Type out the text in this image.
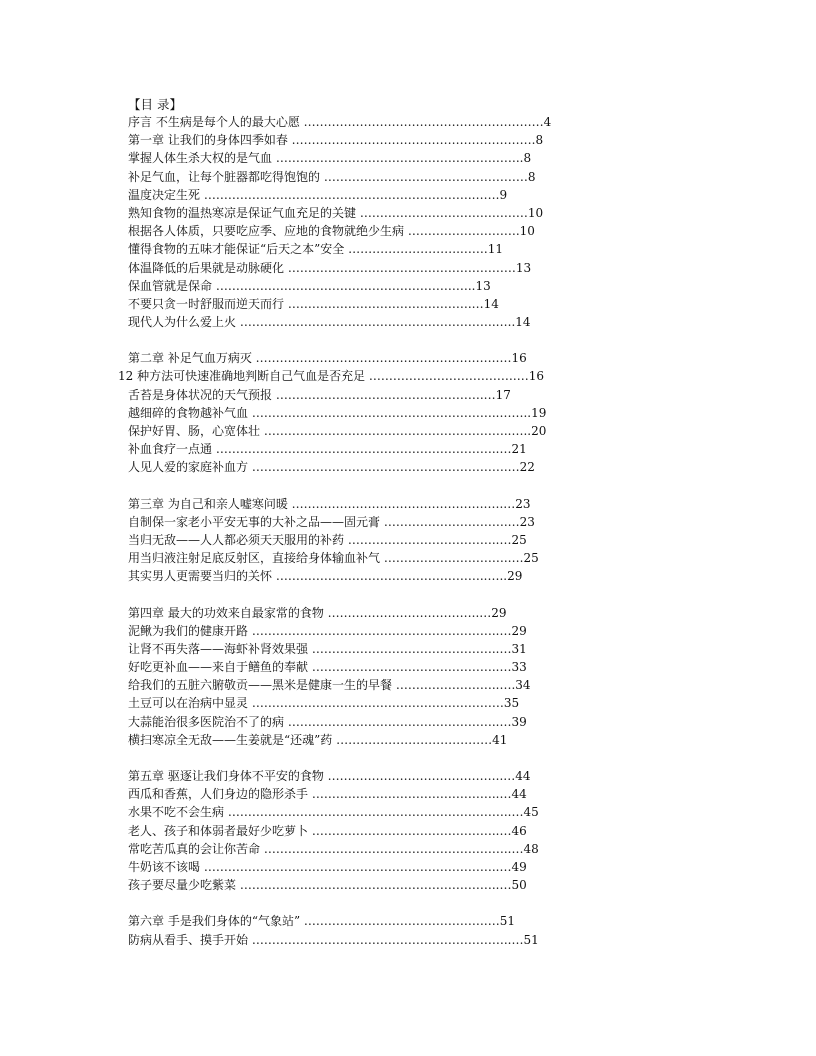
【目 录】
序言 不生病是每个人的最大心愿 ……………………………………………………4
第一章 让我们的身体四季如春 …………………………………………………….8
掌握人体生杀大权的是气血 ……………………………………………………..8
补足气血，让每个脏器都吃得饱饱的 ……………………………………………8
温度决定生死 ………………………………………………………….…….9
熟知食物的温热寒凉是保证气血充足的关键 ……………………………………10
根据各人体质，只要吃应季、应地的食物就绝少生病 ……………………….10
懂得食物的五味才能保证“后天之本”安全 ……………………….…….11
体温降低的后果就是动脉硬化 …………………………………………………13
保血管就是保命 ………………………………………………………..13
不要只贪一时舒服而逆天而行 ……………………………………….…14
现代人为什么爱上火 ……………………………………………………….…..14
第二章 补足气血万病灭 …………………………………………………….…16
12 种方法可快速准确地判断自己气血是否充足 ……………………………….…16
舌苔是身体状况的天气预报 …………………………………………….…17
越细碎的食物越补气血 ……………………………………………………..……..19
保护好胃、肠，心宽体壮 ……………………………………………………..…..20
补血食疗一点通 ……………………………………………………………..…21
人见人爱的家庭补血方 ……………………………………………………….…22
第三章 为自己和亲人嘘寒问暖 ………………………………………….….…23
自制保一家老小平安无事的大补之品——固元膏 ………………………….…23
当归无敌——人人都必须天天服用的补药 ………………………………..…25
用当归液注射足底反射区，直接给身体输血补气 ………………………….….25
其实男人更需要当归的关怀 ……………………………………………..…..29
第四章 最大的功效来自最家常的食物 ………………………………..…29
泥鳅为我们的健康开路 ……………………………………………………..…29
让肾不再失落——海虾补肾效果强 ………………………………………..…31
好吃更补血——来自于鳝鱼的奉献 ………………………………………..…33
给我们的五脏六腑敬贡——黑米是健康一生的早餐 ……………………..….34
土豆可以在治病中显灵 ………………………………………………………35
大蒜能治很多医院治不了的病 ……………………………………………..…39
横扫寒凉全无敌——生姜就是“还魂”药 …………………………………41
第五章 驱逐让我们身体不平安的食物 ……………………………………..…44
西瓜和香蕉，人们身边的隐形杀手 ………………………………………..…44
水果不吃不会生病 ……………………………………………………………..…45
老人、孩子和体弱者最好少吃萝卜 ………………………………………..…46
常吃苦瓜真的会让你苦命 ……………………………………………………..…48
牛奶该不该喝 ………………………………………………………………..…49
孩子要尽量少吃紫菜 ………………………………………………………..…50
第六章 手是我们身体的“气象站” ……………………………………….…51
防病从看手、摸手开始 ………………………………………………………..…51
